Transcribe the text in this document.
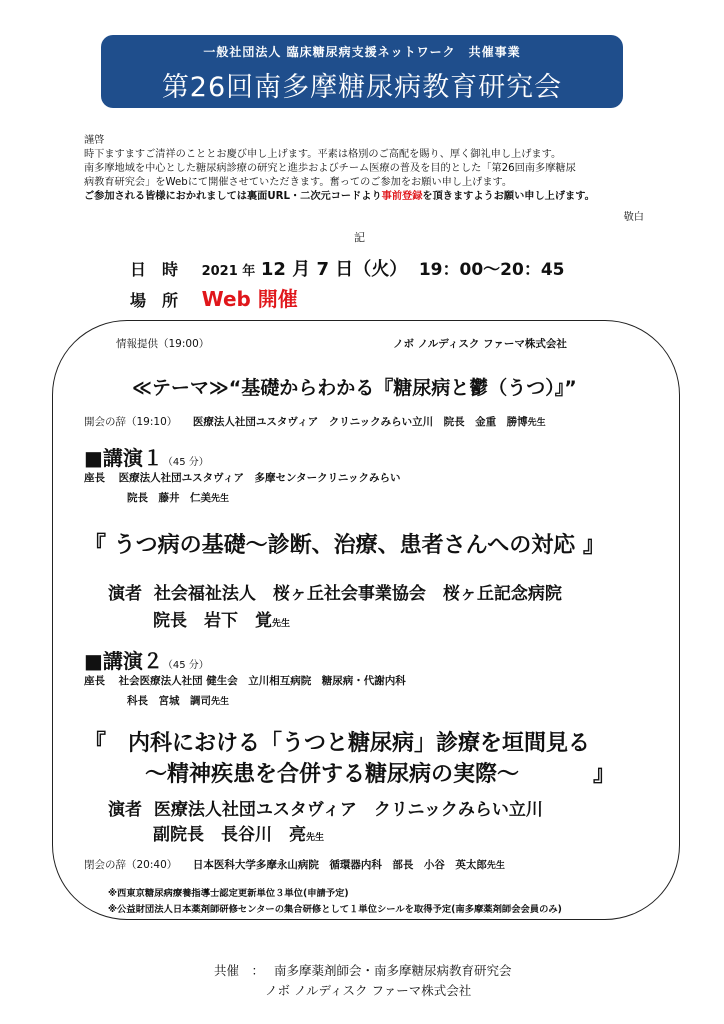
一般社団法人 臨床糖尿病支援ネットワーク　共催事業
第26回南多摩糖尿病教育研究会
謹啓
時下ますますご清祥のこととお慶び申し上げます。平素は格別のご高配を賜り、厚く御礼申し上げます。
南多摩地域を中心とした糖尿病診療の研究と進歩およびチーム医療の普及を目的とした「第26回南多摩糖尿
病教育研究会」をWebにて開催させていただきます。奮ってのご参加をお願い申し上げます。
ご参加される皆様におかれましては裏面URL・二次元コードより事前登録を頂きますようお願い申し上げます。
敬白
記
日　時 2021 年 12 月 7 日（火） 19：00〜20：45
場　所 Web 開催
情報提供（19:00）	ノボ ノルディスク ファーマ株式会社
≪テーマ≫“基礎からわかる『糖尿病と鬱（うつ）』”
開会の辞（19:10） 医療法人社団ユスタヴィア　クリニックみらい立川　院長　金重　勝博先生
■講演１（45 分）
座長 医療法人社団ユスタヴィア　多摩センタークリニックみらい
院長　藤井　仁美先生
『 うつ病の基礎〜診断、治療、患者さんへの対応 』
演者 社会福祉法人　桜ヶ丘社会事業協会　桜ヶ丘記念病院
院長　岩下　覚先生
■講演２（45 分）
座長 社会医療法人社団 健生会　立川相互病院　糖尿病・代謝内科
科長　宮城　調司先生
『　内科における「うつと糖尿病」診療を垣間見る
〜精神疾患を合併する糖尿病の実際〜	』
演者 医療法人社団ユスタヴィア　クリニックみらい立川
副院長　長谷川　亮先生
閉会の辞（20:40） 日本医科大学多摩永山病院　循環器内科　部長　小谷　英太郎先生
※西東京糖尿病療養指導士認定更新単位３単位(申請予定)
※公益財団法人日本薬剤師研修センターの集合研修として１単位シールを取得予定(南多摩薬剤師会会員のみ)
共催　： 南多摩薬剤師会・南多摩糖尿病教育研究会
ノボ ノルディスク ファーマ株式会社
